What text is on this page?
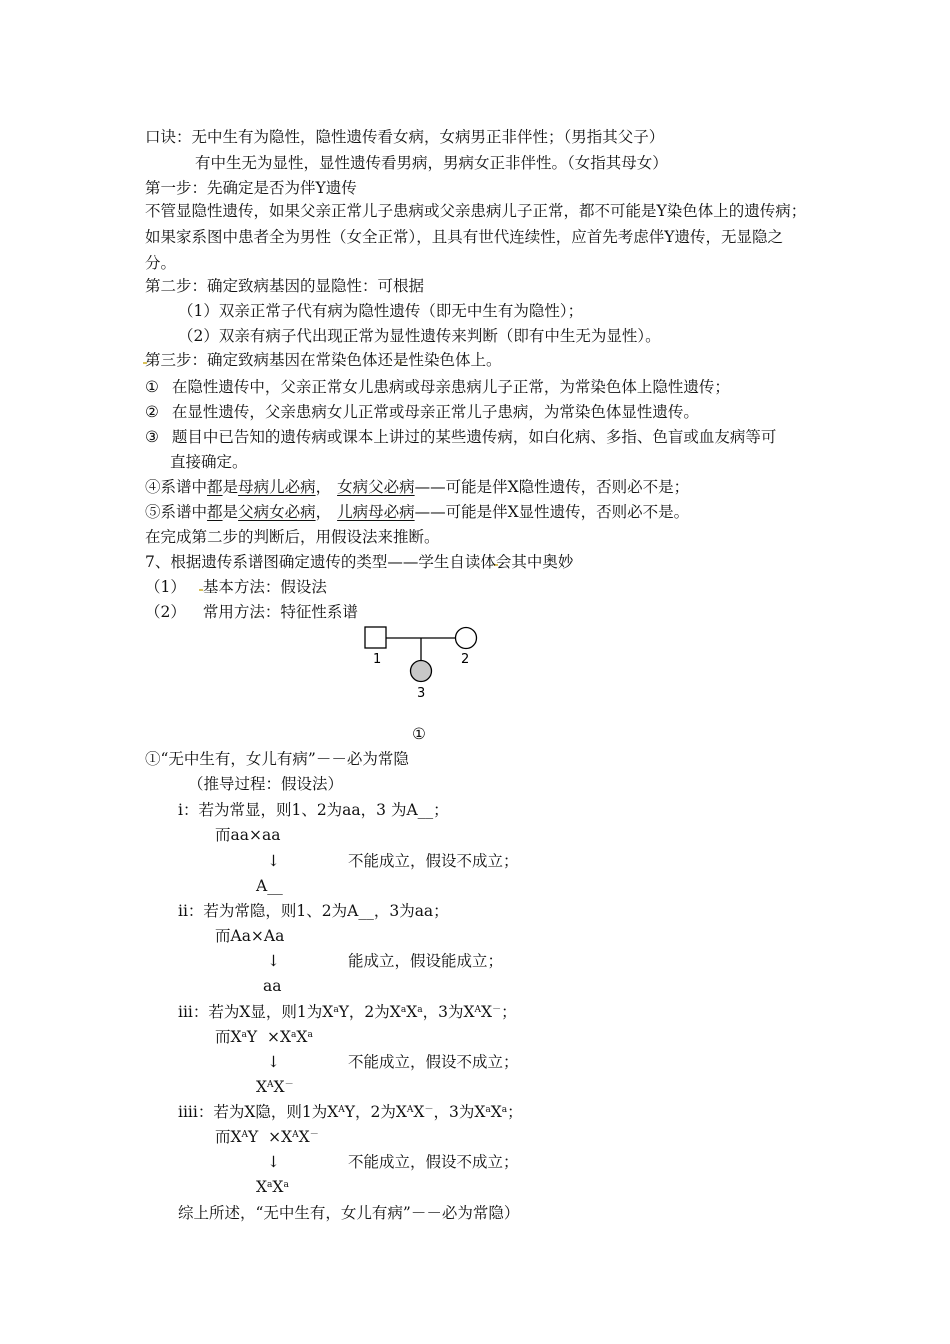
口诀：无中生有为隐性，隐性遗传看女病，女病男正非伴性；（男指其父子）
有中生无为显性，显性遗传看男病，男病女正非伴性。（女指其母女）
第一步：先确定是否为伴Y遗传
不管显隐性遗传，如果父亲正常儿子患病或父亲患病儿子正常，都不可能是Y染色体上的遗传病；如果家系图中患者全为男性（女全正常），且具有世代连续性，应首先考虑伴Y遗传，无显隐之分。
第二步：确定致病基因的显隐性：可根据
（1）双亲正常子代有病为隐性遗传（即无中生有为隐性）；
（2）双亲有病子代出现正常为显性遗传来判断（即有中生无为显性）。
第三步：确定致病基因在常染色体还是性染色体上。
① 在隐性遗传中，父亲正常女儿患病或母亲患病儿子正常，为常染色体上隐性遗传；
② 在显性遗传，父亲患病女儿正常或母亲正常儿子患病，为常染色体显性遗传。
③ 题目中已告知的遗传病或课本上讲过的某些遗传病，如白化病、多指、色盲或血友病等可
直接确定。
④系谱中都是母病儿必病， 女病父必病——可能是伴X隐性遗传，否则必不是；
⑤系谱中都是父病女必病， 儿病母必病——可能是伴X显性遗传，否则必不是。
在完成第二步的判断后，用假设法来推断。
7、根据遗传系谱图确定遗传的类型——学生自读体会其中奥妙
（1） 基本方法：假设法
（2） 常用方法：特征性系谱
1	2
3
①
①“无中生有，女儿有病”－－必为常隐
（推导过程：假设法）
i：若为常显，则1、2为aa，3 为A__；
而aa×aa
↓	不能成立，假设不成立；
A__
ii：若为常隐，则1、2为A__，3为aa；
而Aa×Aa
↓	能成立，假设能成立；
aa
iii：若为X显，则1为$X^aY$，2为$X^aX^a$，3为$X^AX^-$；
而$X^aY \times X^aX^a$
↓	不能成立，假设不成立；
$X^AX^-$
iiii：若为X隐，则1为$X^AY$，2为$X^AX^-$，3为$X^aX^a$；
而$X^AY \times X^AX^-$
↓	不能成立，假设不成立；
$X^aX^a$
综上所述，“无中生有，女儿有病”－－必为常隐）
